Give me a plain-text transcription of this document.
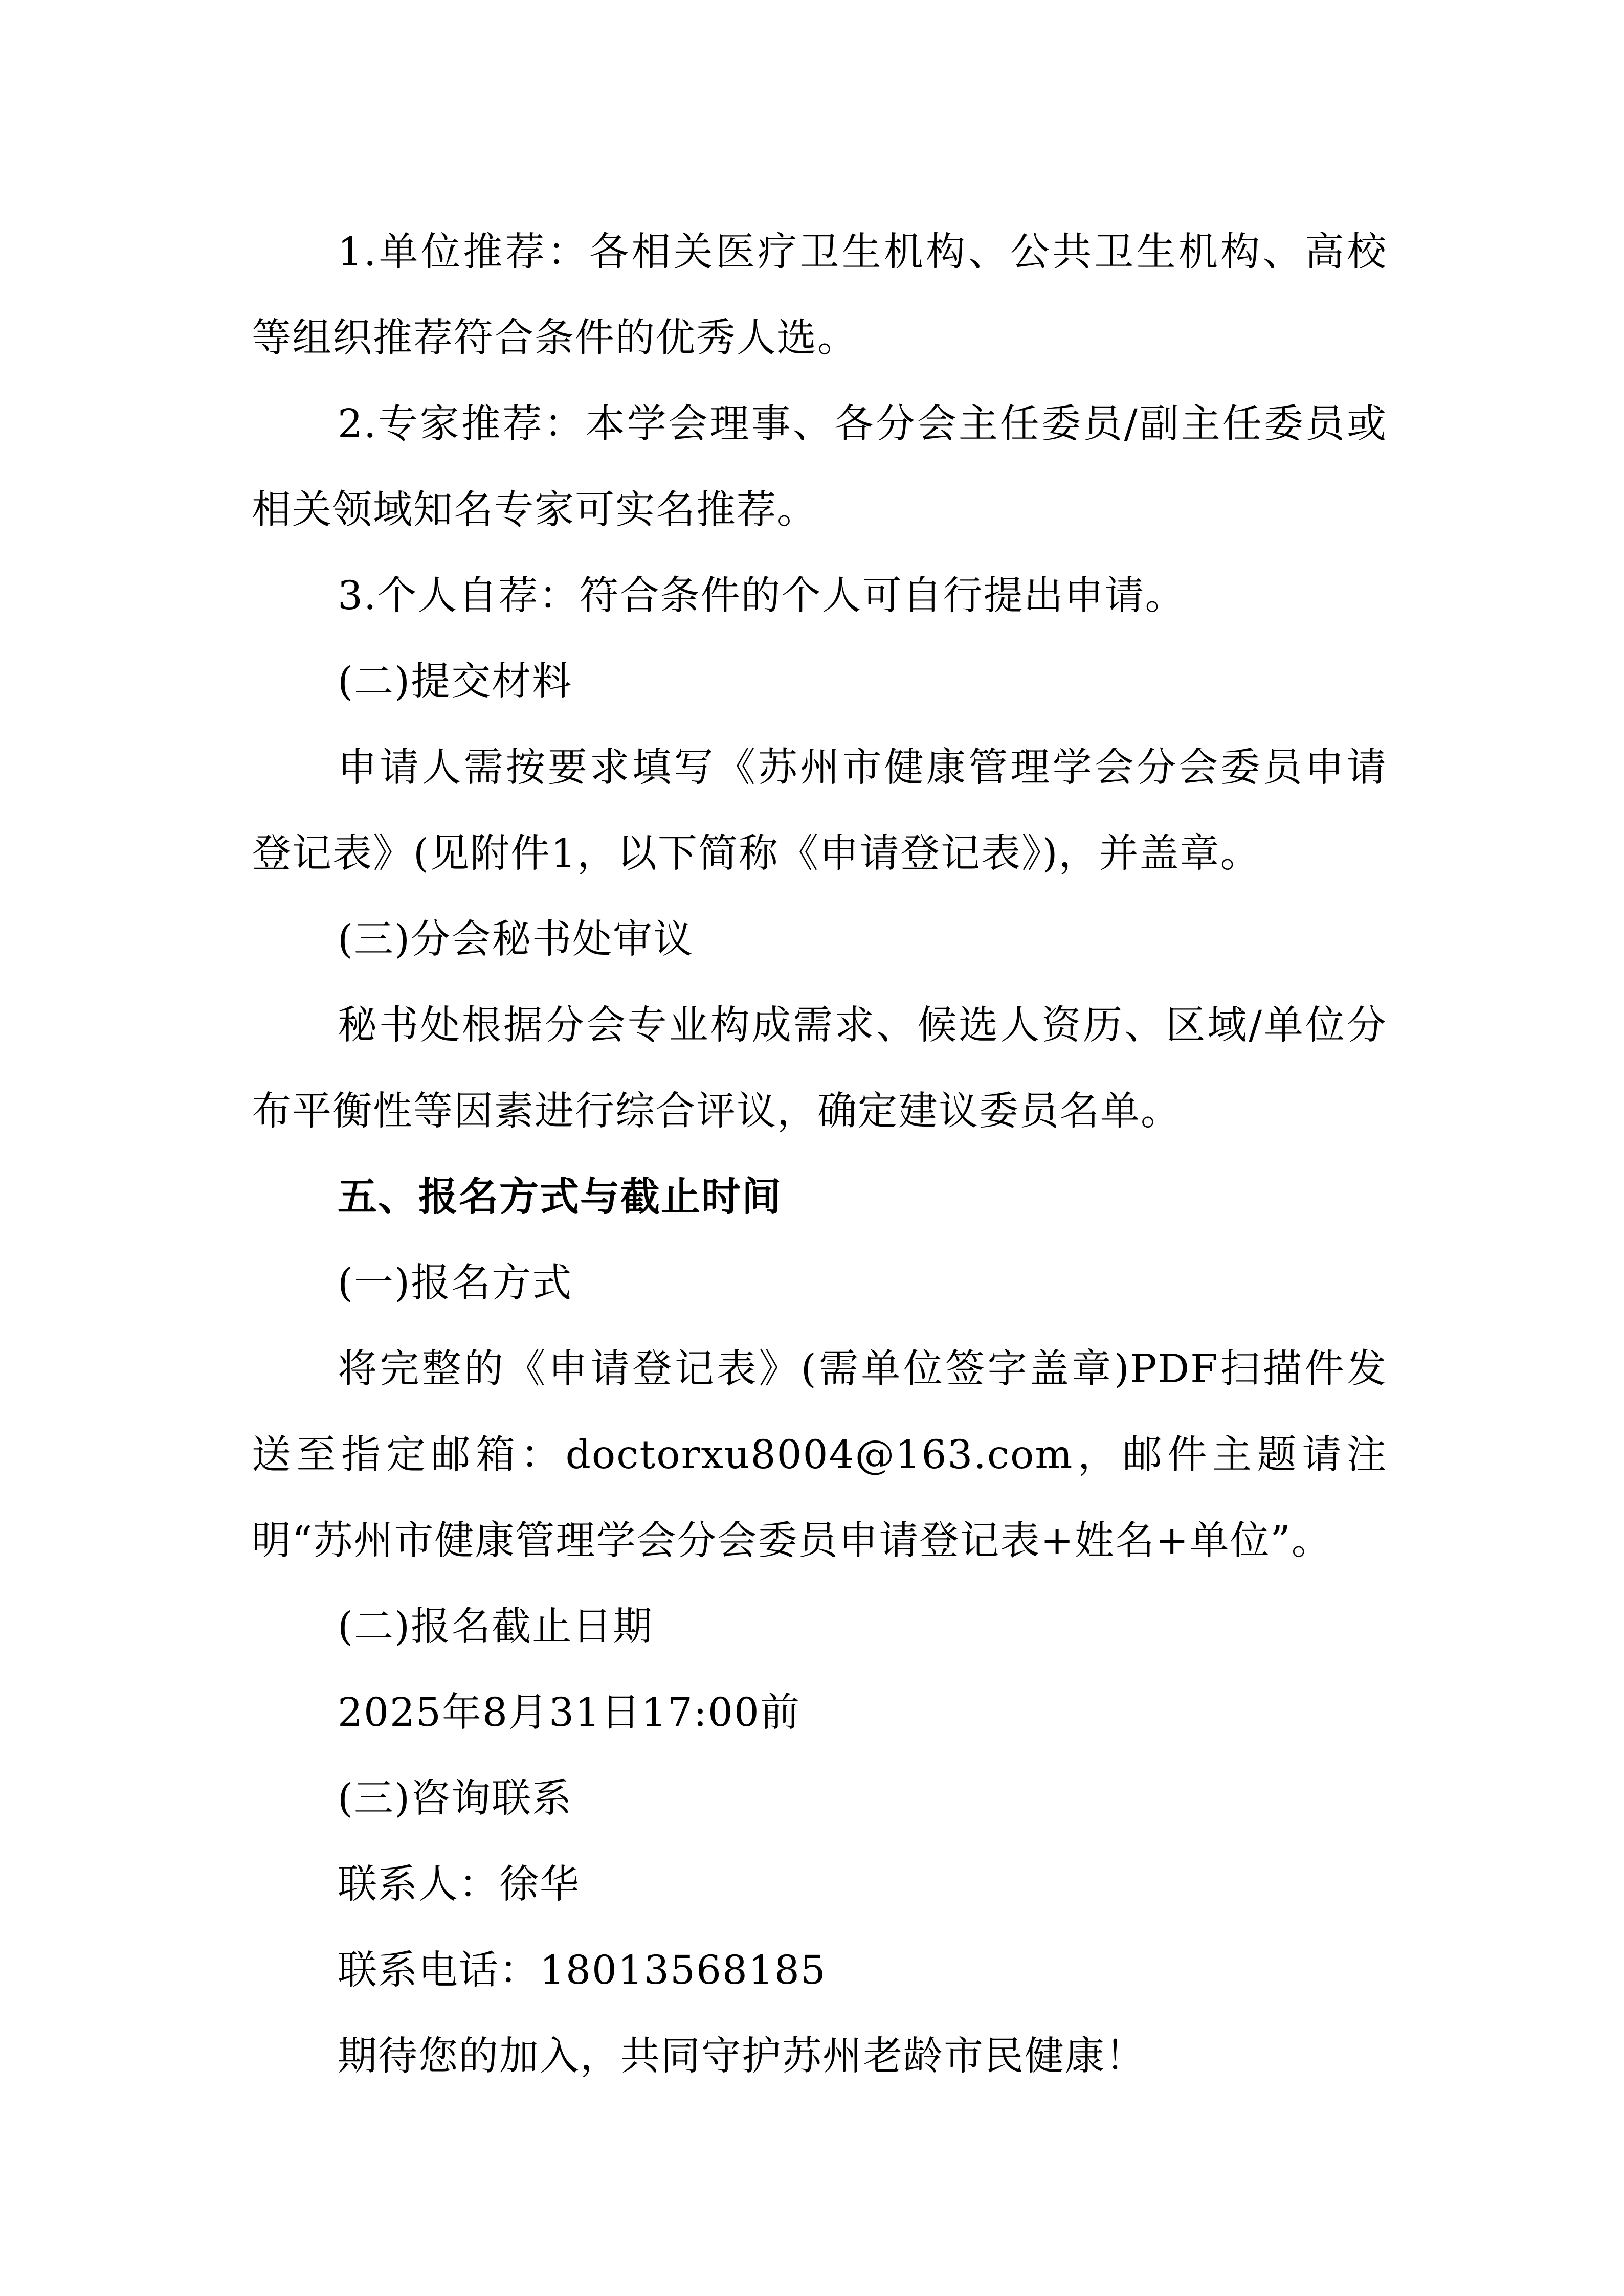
1.单位推荐：各相关医疗卫生机构、公共卫生机构、高校等组织推荐符合条件的优秀人选。

2.专家推荐：本学会理事、各分会主任委员/副主任委员或相关领域知名专家可实名推荐。

3.个人自荐：符合条件的个人可自行提出申请。

(二)提交材料

申请人需按要求填写《苏州市健康管理学会分会委员申请登记表》(见附件1，以下简称《申请登记表》)，并盖章。

(三)分会秘书处审议

秘书处根据分会专业构成需求、候选人资历、区域/单位分布平衡性等因素进行综合评议，确定建议委员名单。

五、报名方式与截止时间

(一)报名方式

将完整的《申请登记表》(需单位签字盖章)PDF扫描件发送至指定邮箱：doctorxu8004@163.com，邮件主题请注明“苏州市健康管理学会分会委员申请登记表+姓名+单位”。

(二)报名截止日期

2025年8月31日17:00前

(三)咨询联系

联系人：徐华

联系电话：18013568185

期待您的加入，共同守护苏州老龄市民健康！
